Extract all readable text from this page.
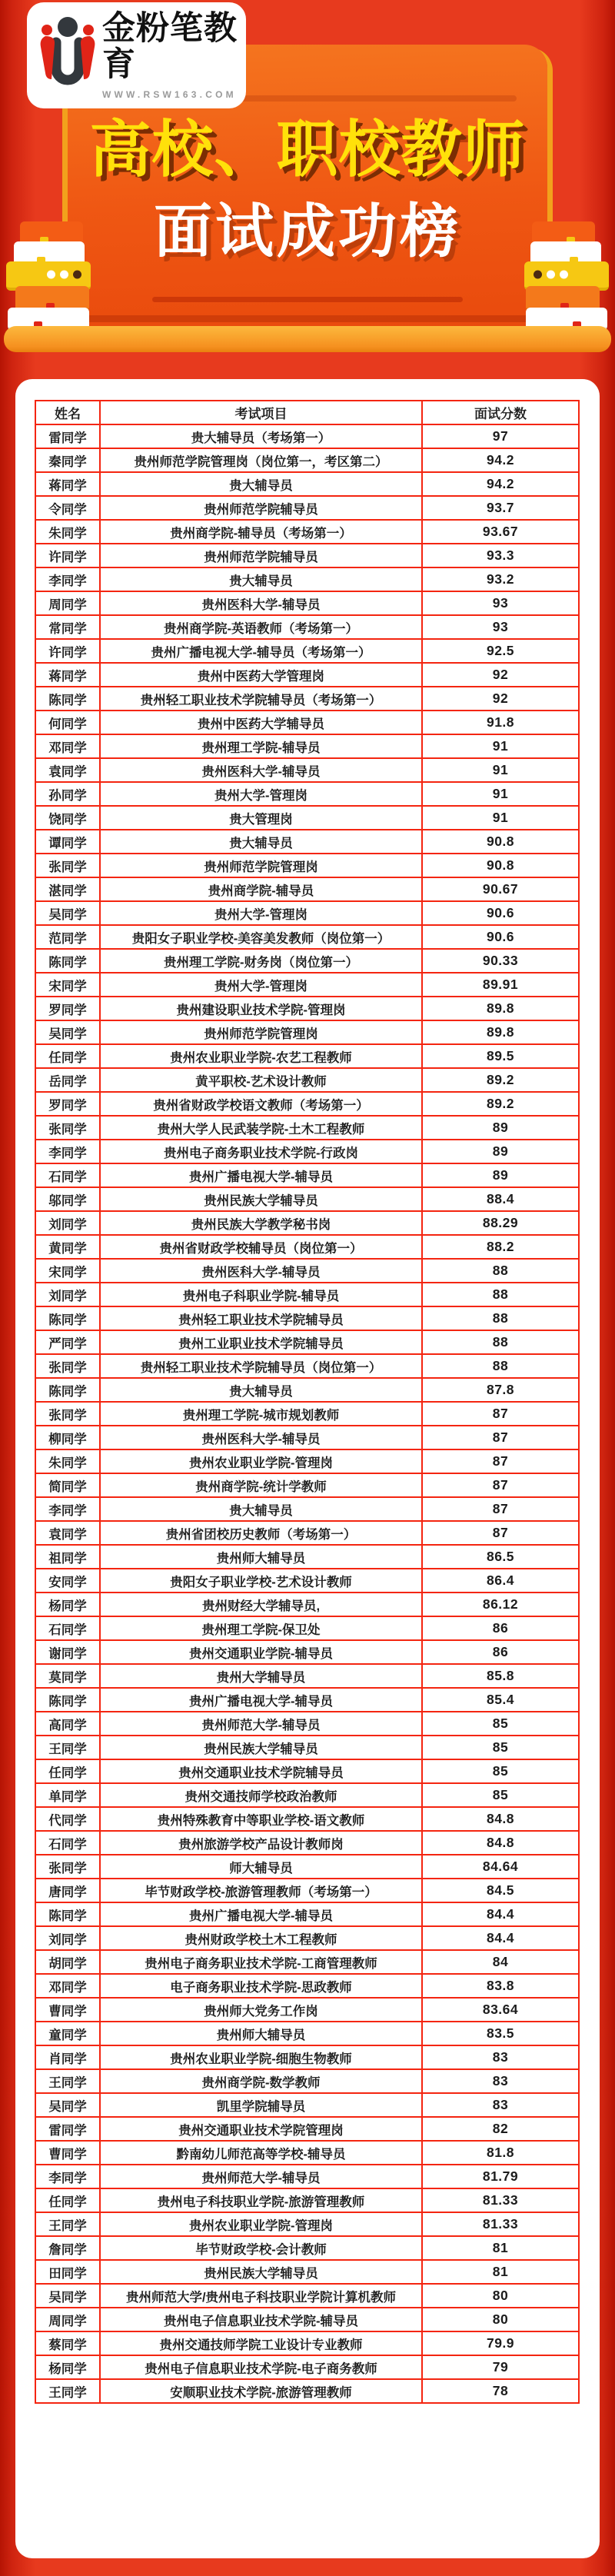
高校、职校教师
面试成功榜
金粉笔教育
WWW.RSW163.COM
姓名	考试项目	面试分数
雷同学	贵大辅导员（考场第一）	97
秦同学	贵州师范学院管理岗（岗位第一，考区第二）	94.2
蒋同学	贵大辅导员	94.2
令同学	贵州师范学院辅导员	93.7
朱同学	贵州商学院-辅导员（考场第一）	93.67
许同学	贵州师范学院辅导员	93.3
李同学	贵大辅导员	93.2
周同学	贵州医科大学-辅导员	93
常同学	贵州商学院-英语教师（考场第一）	93
许同学	贵州广播电视大学-辅导员（考场第一）	92.5
蒋同学	贵州中医药大学管理岗	92
陈同学	贵州轻工职业技术学院辅导员（考场第一）	92
何同学	贵州中医药大学辅导员	91.8
邓同学	贵州理工学院-辅导员	91
袁同学	贵州医科大学-辅导员	91
孙同学	贵州大学-管理岗	91
饶同学	贵大管理岗	91
谭同学	贵大辅导员	90.8
张同学	贵州师范学院管理岗	90.8
湛同学	贵州商学院-辅导员	90.67
吴同学	贵州大学-管理岗	90.6
范同学	贵阳女子职业学校-美容美发教师（岗位第一）	90.6
陈同学	贵州理工学院-财务岗（岗位第一）	90.33
宋同学	贵州大学-管理岗	89.91
罗同学	贵州建设职业技术学院-管理岗	89.8
吴同学	贵州师范学院管理岗	89.8
任同学	贵州农业职业学院-农艺工程教师	89.5
岳同学	黄平职校-艺术设计教师	89.2
罗同学	贵州省财政学校语文教师（考场第一）	89.2
张同学	贵州大学人民武装学院-土木工程教师	89
李同学	贵州电子商务职业技术学院-行政岗	89
石同学	贵州广播电视大学-辅导员	89
邬同学	贵州民族大学辅导员	88.4
刘同学	贵州民族大学教学秘书岗	88.29
黄同学	贵州省财政学校辅导员（岗位第一）	88.2
宋同学	贵州医科大学-辅导员	88
刘同学	贵州电子科职业学院-辅导员	88
陈同学	贵州轻工职业技术学院辅导员	88
严同学	贵州工业职业技术学院辅导员	88
张同学	贵州轻工职业技术学院辅导员（岗位第一）	88
陈同学	贵大辅导员	87.8
张同学	贵州理工学院-城市规划教师	87
柳同学	贵州医科大学-辅导员	87
朱同学	贵州农业职业学院-管理岗	87
简同学	贵州商学院-统计学教师	87
李同学	贵大辅导员	87
袁同学	贵州省团校历史教师（考场第一）	87
祖同学	贵州师大辅导员	86.5
安同学	贵阳女子职业学校-艺术设计教师	86.4
杨同学	贵州财经大学辅导员,	86.12
石同学	贵州理工学院-保卫处	86
谢同学	贵州交通职业学院-辅导员	86
莫同学	贵州大学辅导员	85.8
陈同学	贵州广播电视大学-辅导员	85.4
高同学	贵州师范大学-辅导员	85
王同学	贵州民族大学辅导员	85
任同学	贵州交通职业技术学院辅导员	85
单同学	贵州交通技师学校政治教师	85
代同学	贵州特殊教育中等职业学校-语文教师	84.8
石同学	贵州旅游学校产品设计教师岗	84.8
张同学	师大辅导员	84.64
唐同学	毕节财政学校-旅游管理教师（考场第一）	84.5
陈同学	贵州广播电视大学-辅导员	84.4
刘同学	贵州财政学校土木工程教师	84.4
胡同学	贵州电子商务职业技术学院-工商管理教师	84
邓同学	电子商务职业技术学院-思政教师	83.8
曹同学	贵州师大党务工作岗	83.64
童同学	贵州师大辅导员	83.5
肖同学	贵州农业职业学院-细胞生物教师	83
王同学	贵州商学院-数学教师	83
吴同学	凯里学院辅导员	83
雷同学	贵州交通职业技术学院管理岗	82
曹同学	黔南幼儿师范高等学校-辅导员	81.8
李同学	贵州师范大学-辅导员	81.79
任同学	贵州电子科技职业学院-旅游管理教师	81.33
王同学	贵州农业职业学院-管理岗	81.33
詹同学	毕节财政学校-会计教师	81
田同学	贵州民族大学辅导员	81
吴同学	贵州师范大学/贵州电子科技职业学院计算机教师	80
周同学	贵州电子信息职业技术学院-辅导员	80
蔡同学	贵州交通技师学院工业设计专业教师	79.9
杨同学	贵州电子信息职业技术学院-电子商务教师	79
王同学	安顺职业技术学院-旅游管理教师	78
